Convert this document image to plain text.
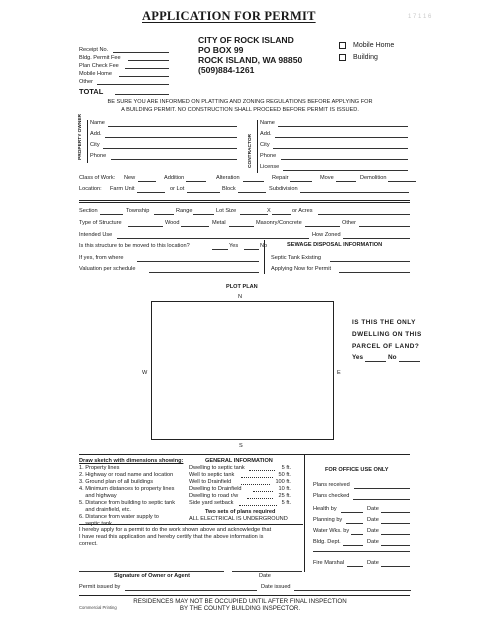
APPLICATION FOR PERMIT	1 7 1 1 6
CITY OF ROCK ISLAND
PO BOX 99
ROCK ISLAND, WA 98850
(509)884-1261
Mobile Home
Building
Receipt No.
Bldg. Permit Fee
Plan Check Fee
Mobile Home
Other
TOTAL
BE SURE YOU ARE INFORMED ON PLATTING AND ZONING REGULATIONS BEFORE APPLYING FOR
A BUILDING PERMIT. NO CONSTRUCTION SHALL PROCEED BEFORE PERMIT IS ISSUED.
PROPERTY OWNER Name
Add.
City
Phone	CONTRACTOR
Name
Add.
City
Phone
License
Class of Work: New	Addition	Alteration	Repair	Move	Demolition
Location: Farm Unit	or Lot	Block	Subdivision
Section	Township	Range	Lot Size	X	or Acres
Type of Structure	Wood	Metal	Masonry/Concrete	Other
Intended Use	How Zoned
Is this structure to be moved to this location?	Yes	No	SEWAGE DISPOSAL INFORMATION
If yes, from where	Septic Tank Existing
Valuation per schedule	Applying Now for Permit
PLOT PLAN
N
W	E
S
IS THIS THE ONLY
DWELLING ON THIS
PARCEL OF LAND?
Yes	No
Draw sketch with dimensions showing:
1. Property lines
2. Highway or road name and location
3. Ground plan of all buildings
4. Minimum distances to property lines
and highway
5. Distance from building to septic tank
and drainfield, etc.
6. Distance from water supply to
septic tank
GENERAL INFORMATION
Dwelling to septic tank	5 ft.
Well to septic tank	50 ft.
Well to Drainfield	100 ft.
Dwelling to Drainfield	10 ft.
Dwelling to road r/w	25 ft.
Side yard setback	5 ft.
Two sets of plans required
ALL ELECTRICAL IS UNDERGROUND
I hereby apply for a permit to do the work shown above and acknowledge that
I have read this application and hereby certify that the above information is
correct.
Signature of Owner or Agent	Date
Permit issued by	Date issued
FOR OFFICE USE ONLY
Plans received
Plans checked
Health by	Date
Planning by	Date
Water Wks. by	Date
Bldg. Dept.	Date
Fire Marshal	Date
RESIDENCES MAY NOT BE OCCUPIED UNTIL AFTER FINAL INSPECTION
BY THE COUNTY BUILDING INSPECTOR.
Commercial Printing
